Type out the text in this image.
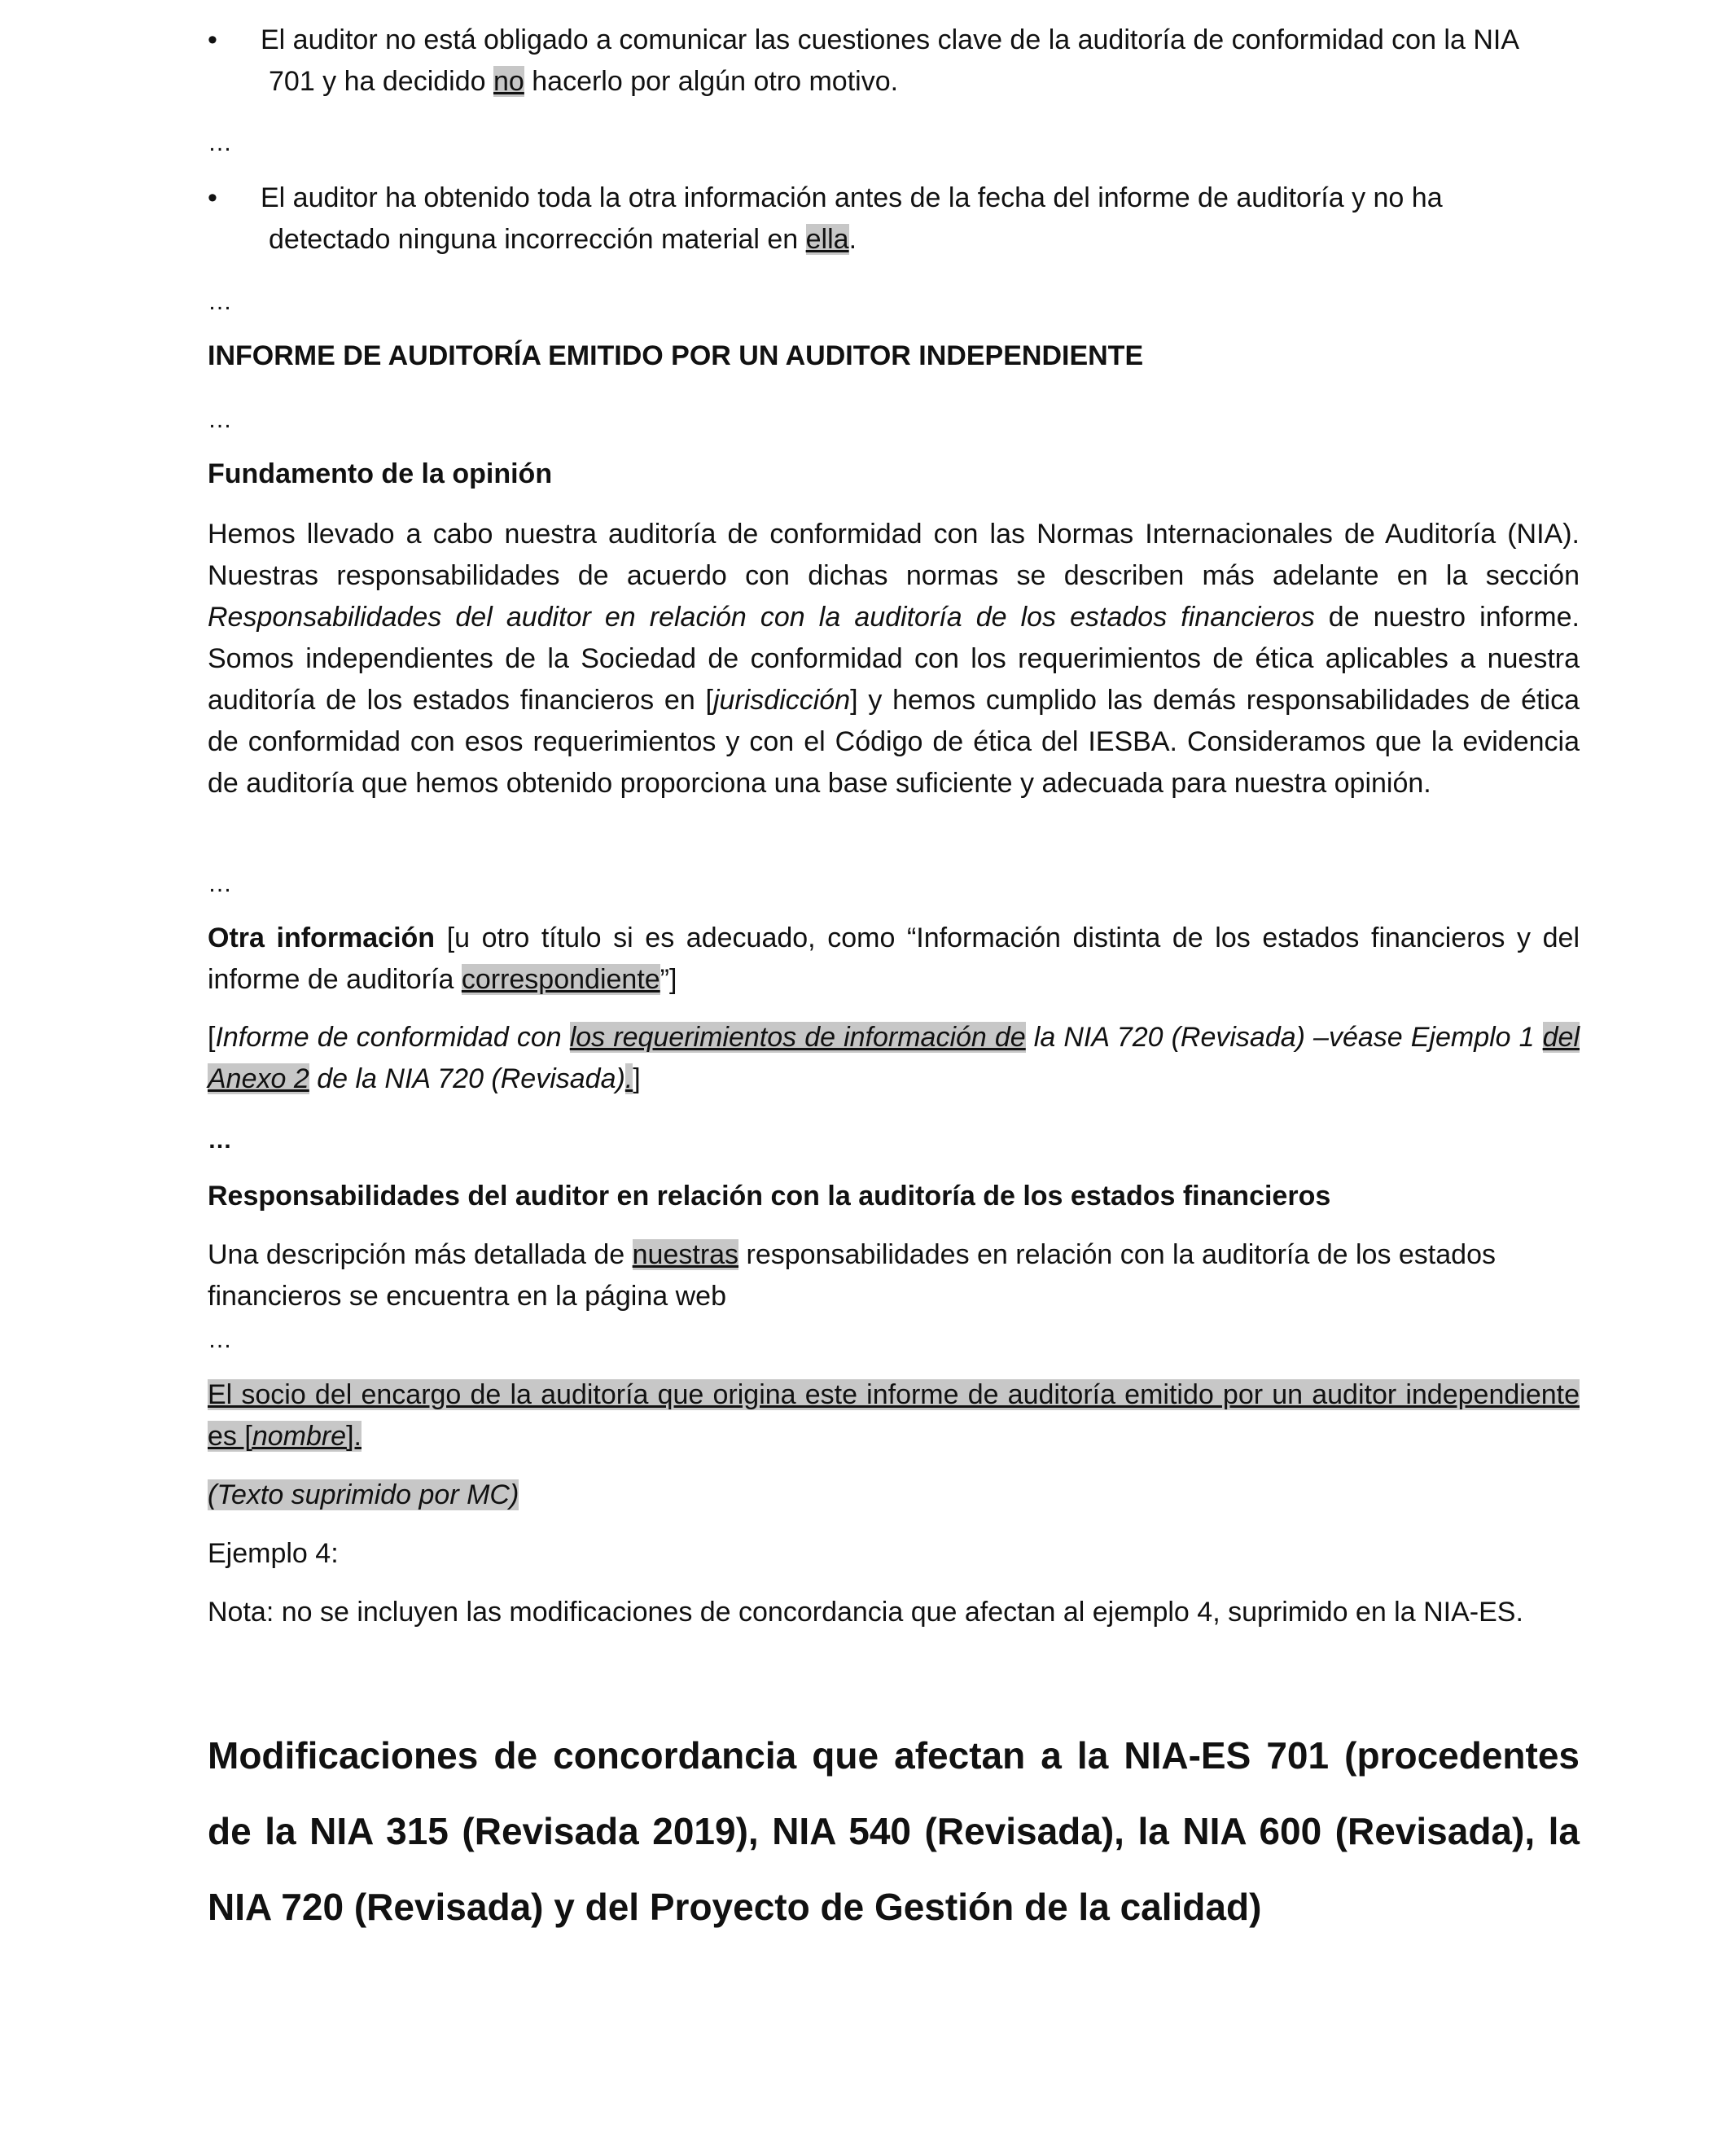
• El auditor no está obligado a comunicar las cuestiones clave de la auditoría de conformidad con la NIA
701 y ha decidido no hacerlo por algún otro motivo.
…
• El auditor ha obtenido toda la otra información antes de la fecha del informe de auditoría y no ha
detectado ninguna incorrección material en ella.
…
INFORME DE AUDITORÍA EMITIDO POR UN AUDITOR INDEPENDIENTE
…
Fundamento de la opinión

Hemos llevado a cabo nuestra auditoría de conformidad con las Normas Internacionales de Auditoría (NIA). Nuestras responsabilidades de acuerdo con dichas normas se describen más adelante en la sección Responsabilidades del auditor en relación con la auditoría de los estados financieros de nuestro informe. Somos independientes de la Sociedad de conformidad con los requerimientos de ética aplicables a nuestra auditoría de los estados financieros en [jurisdicción] y hemos cumplido las demás responsabilidades de ética de conformidad con esos requerimientos y con el Código de ética del IESBA. Consideramos que la evidencia de auditoría que hemos obtenido proporciona una base suficiente y adecuada para nuestra opinión.

…

Otra información [u otro título si es adecuado, como “Información distinta de los estados financieros y del informe de auditoría correspondiente”]

[Informe de conformidad con los requerimientos de información de la NIA 720 (Revisada) –véase Ejemplo 1 del Anexo 2 de la NIA 720 (Revisada).]

…
Responsabilidades del auditor en relación con la auditoría de los estados financieros

Una descripción más detallada de nuestras responsabilidades en relación con la auditoría de los estados financieros se encuentra en la página web

…

El socio del encargo de la auditoría que origina este informe de auditoría emitido por un auditor independiente es [nombre].

(Texto suprimido por MC)
Ejemplo 4:

Nota: no se incluyen las modificaciones de concordancia que afectan al ejemplo 4, suprimido en la NIA-ES.

Modificaciones de concordancia que afectan a la NIA-ES 701 (procedentes de la NIA 315 (Revisada 2019), NIA 540 (Revisada), la NIA 600 (Revisada), la NIA 720 (Revisada) y del Proyecto de Gestión de la calidad)
